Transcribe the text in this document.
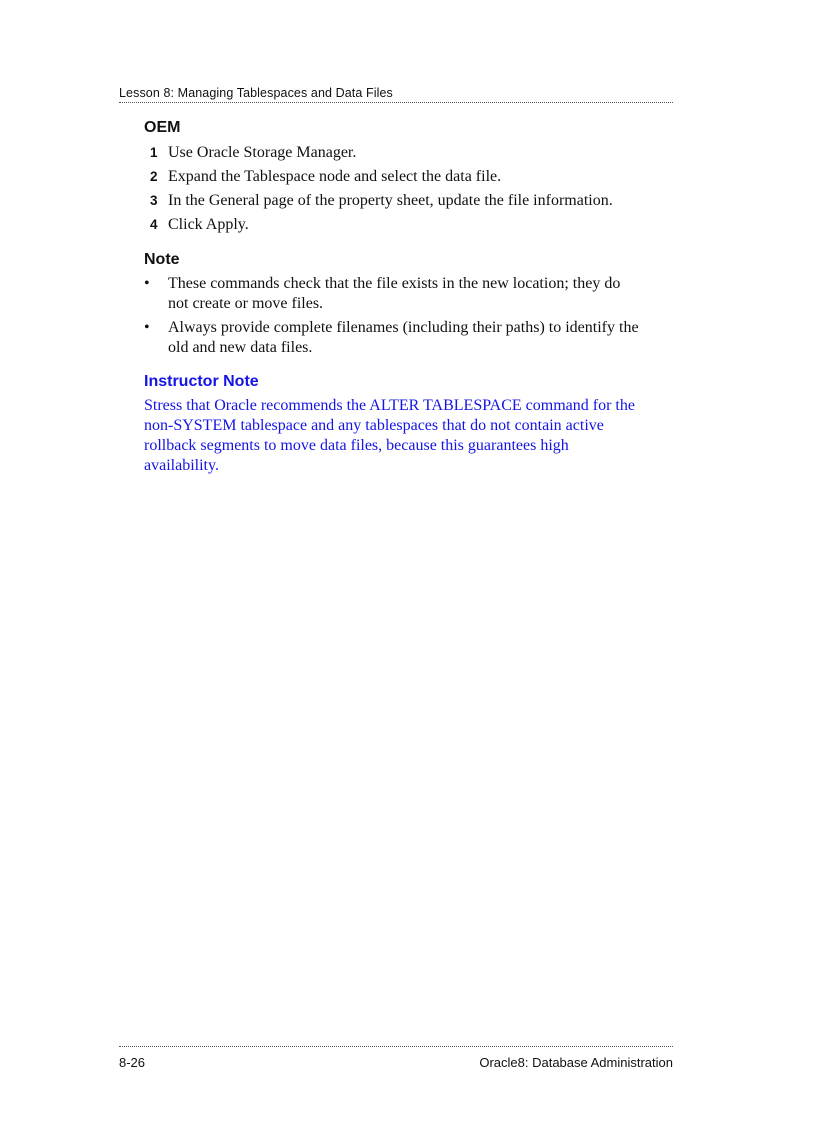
Lesson 8: Managing Tablespaces and Data Files
OEM
1 Use Oracle Storage Manager.
2 Expand the Tablespace node and select the data file.
3 In the General page of the property sheet, update the file information.
4 Click Apply.
Note
• These commands check that the file exists in the new location; they do not create or move files.
• Always provide complete filenames (including their paths) to identify the old and new data files.
Instructor Note

Stress that Oracle recommends the ALTER TABLESPACE command for the non-SYSTEM tablespace and any tablespaces that do not contain active rollback segments to move data files, because this guarantees high availability.

8-26	Oracle8: Database Administration
